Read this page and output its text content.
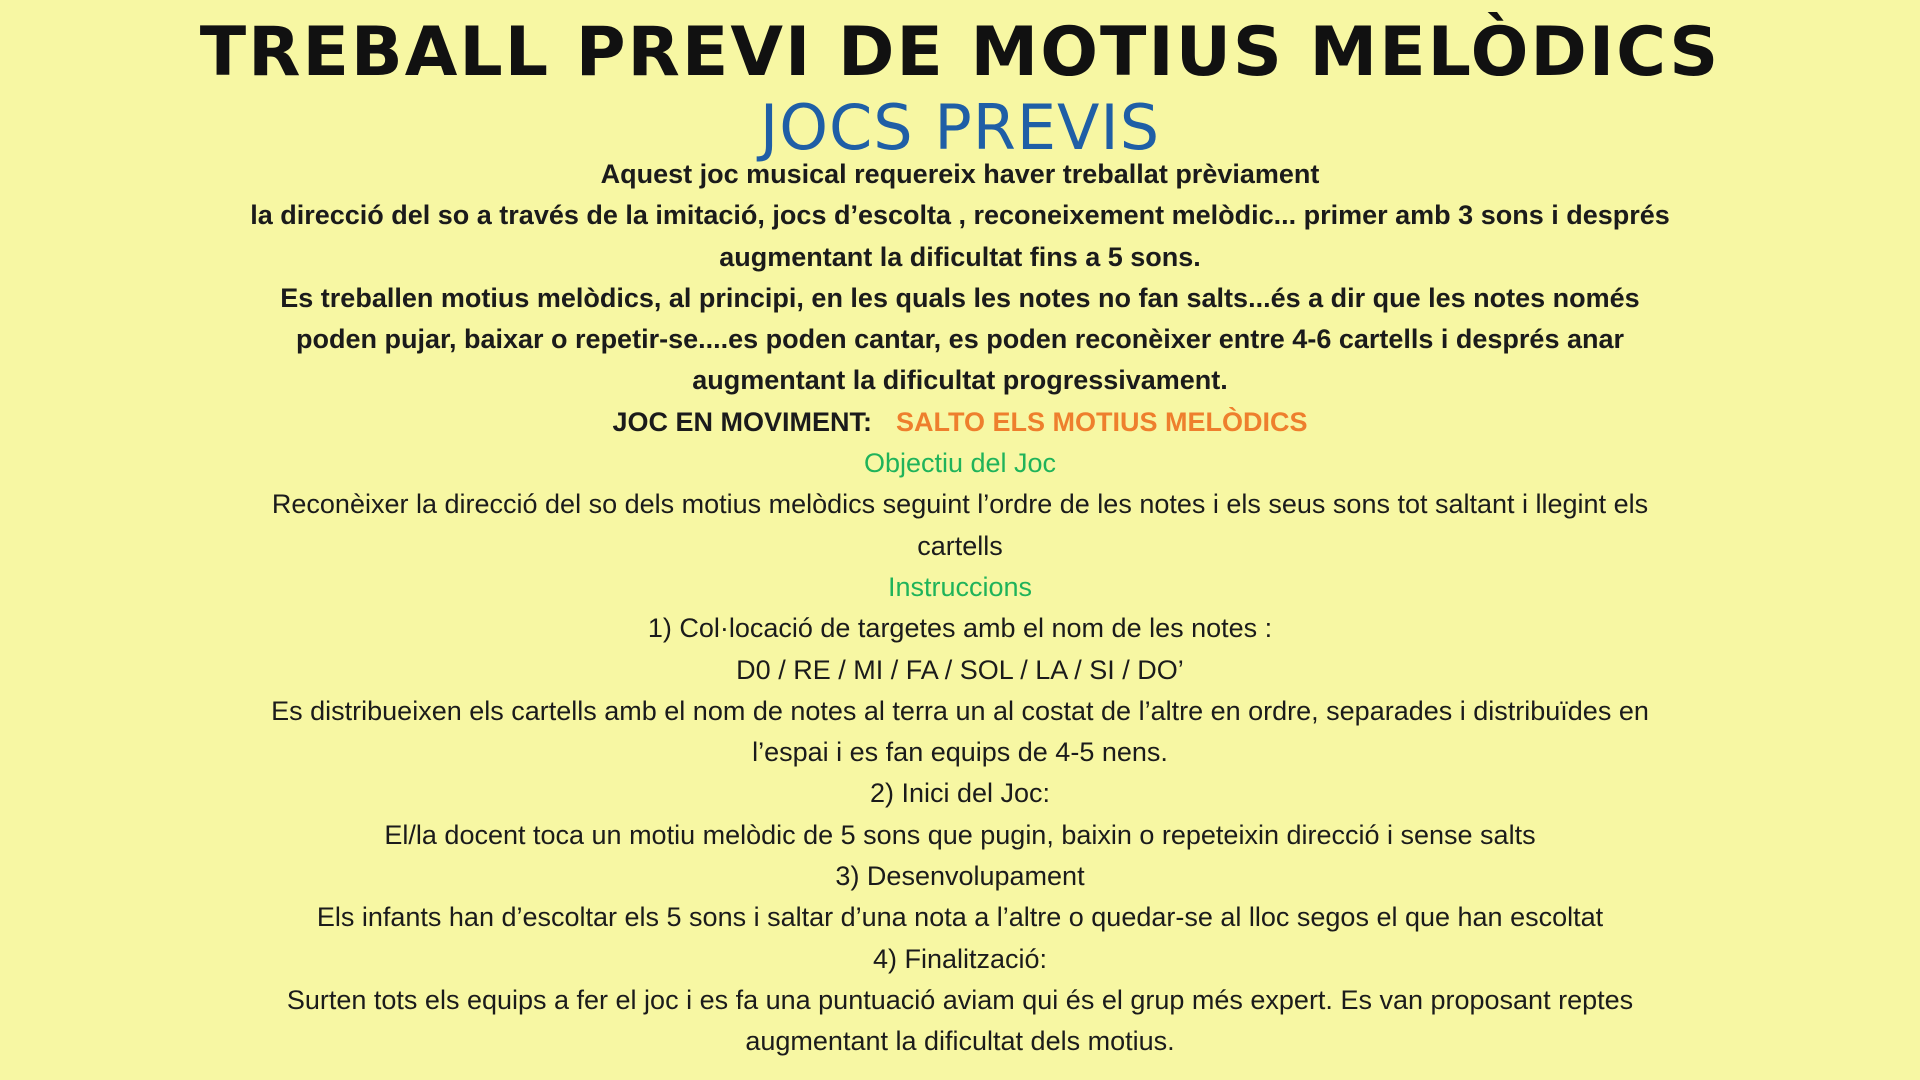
TREBALL PREVI DE MOTIUS MELÒDICS
JOCS PREVIS

Aquest joc musical requereix haver treballat prèviament

la direcció del so a través de la imitació, jocs d’escolta , reconeixement melòdic... primer amb 3 sons i després

augmentant la dificultat fins a 5 sons.

Es treballen motius melòdics, al principi, en les quals les notes no fan salts...és a dir que les notes només

poden pujar, baixar o repetir-se....es poden cantar, es poden reconèixer entre 4-6 cartells i després anar

augmentant la dificultat progressivament.

JOC EN MOVIMENT: SALTO ELS MOTIUS MELÒDICS

Objectiu del Joc

Reconèixer la direcció del so dels motius melòdics seguint l’ordre de les notes i els seus sons tot saltant i llegint els

cartells

Instruccions

1) Col·locació de targetes amb el nom de les notes :

D0 / RE / MI / FA / SOL / LA / SI / DO’

Es distribueixen els cartells amb el nom de notes al terra un al costat de l’altre en ordre, separades i distribuïdes en

l’espai i es fan equips de 4-5 nens.

2) Inici del Joc:

El/la docent toca un motiu melòdic de 5 sons que pugin, baixin o repeteixin direcció i sense salts

3) Desenvolupament

Els infants han d’escoltar els 5 sons i saltar d’una nota a l’altre o quedar-se al lloc segos el que han escoltat

4) Finalització:

Surten tots els equips a fer el joc i es fa una puntuació aviam qui és el grup més expert. Es van proposant reptes

augmentant la dificultat dels motius.
